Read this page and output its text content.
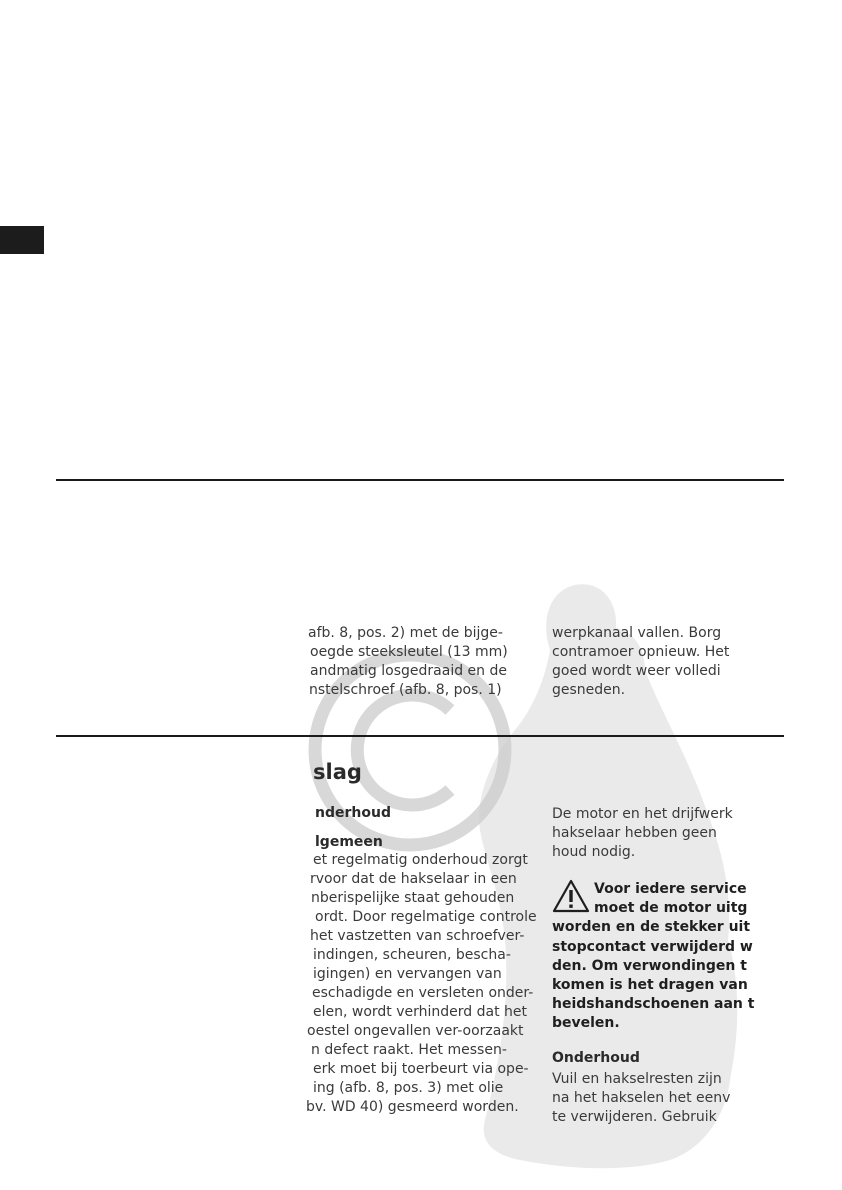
afb. 8, pos. 2) met de bijge-
oegde steeksleutel (13 mm)
andmatig losgedraaid en de
nstelschroef (afb. 8, pos. 1)
werpkanaal vallen. Borg
contramoer opnieuw. Het
goed wordt weer volledi
gesneden.
slag
nderhoud
lgemeen
et regelmatig onderhoud zorgt
rvoor dat de hakselaar in een
nberispelijke staat gehouden
ordt. Door regelmatige controle
het vastzetten van schroefver-
indingen, scheuren, bescha-
igingen) en vervangen van
eschadigde en versleten onder-
elen, wordt verhinderd dat het
oestel ongevallen ver-oorzaakt
n defect raakt. Het messen-
erk moet bij toerbeurt via ope-
ing (afb. 8, pos. 3) met olie
bv. WD 40) gesmeerd worden.
De motor en het drijfwerk
hakselaar hebben geen
houd nodig.
Voor iedere service
moet de motor uitg
worden en de stekker uit
stopcontact verwijderd w
den. Om verwondingen t
komen is het dragen van
heidshandschoenen aan t
bevelen.
Onderhoud
Vuil en hakselresten zijn
na het hakselen het eenv
te verwijderen. Gebruik
